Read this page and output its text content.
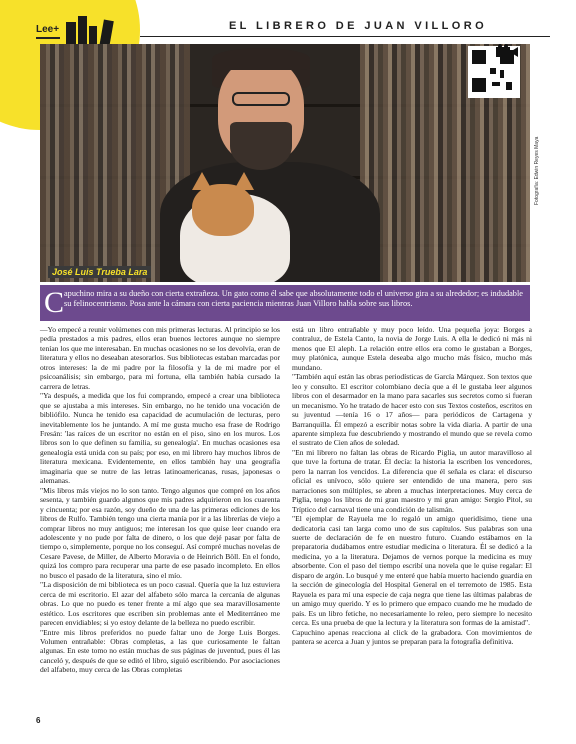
Lee+	EL LIBRERO DE JUAN VILLORO
José Luis Trueba Lara
Fotografía: Edwin Reyes Maya
C apuchino mira a su dueño con cierta extrañeza. Un gato como él sabe que absolutamente todo el universo gira a su alrededor; es indudable su felinocentrismo. Posa ante la cámara con cierta paciencia mientras Juan Villoro habla sobre sus libros.

—Yo empecé a reunir volúmenes con mis primeras lecturas. Al principio se los pedía prestados a mis padres, ellos eran buenos lectores aunque no siempre tenían los que me interesaban. En muchas ocasiones no se los devolvía, eran de literatura y ellos no deseaban atesorarlos. Sus bibliotecas estaban marcadas por otros intereses: la de mi padre por la filosofía y la de mi madre por el psicoanálisis; sin embargo, para mi fortuna, ella también había cursado la carrera de letras.

"Ya después, a medida que los fui comprando, empecé a crear una biblioteca que se ajustaba a mis intereses. Sin embargo, no he tenido una vocación de bibliófilo. Nunca he tenido esa capacidad de acumulación de lecturas, pero inevitablemente los he juntando. A mí me gusta mucho esa frase de Rodrigo Fresán: 'las raíces de un escritor no están en el piso, sino en los muros. Los libros son lo que definen su familia, su genealogía'. En muchas ocasiones esa genealogía está unida con su país; por eso, en mi librero hay muchos libros de literatura mexicana. Evidentemente, en ellos también hay una geografía imaginaria que se nutre de las letras latinoamericanas, rusas, japonesas o alemanas.

"Mis libros más viejos no lo son tanto. Tengo algunos que compré en los años sesenta, y también guardo algunos que mis padres adquirieron en los cuarenta y cincuenta; por esa razón, soy dueño de una de las primeras ediciones de los libros de Rulfo. También tengo una cierta manía por ir a las librerías de viejo a comprar libros no muy antiguos; me interesan los que quise leer cuando era adolescente y no pude por falta de dinero, o los que dejé pasar por falta de tiempo o, simplemente, porque no los conseguí. Así compré muchas novelas de Cesare Pavese, de Miller, de Alberto Moravia o de Heinrich Böll. En el fondo, quizá los compro para recuperar una parte de ese pasado incompleto. En ellos no busco el pasado de la literatura, sino el mío.

"La disposición de mi biblioteca es un poco casual. Quería que la luz estuviera cerca de mi escritorio. El azar del alfabeto sólo marca la cercanía de algunas obras. Lo que no puedo es tener frente a mí algo que sea maravillosamente estético. Los escritores que escriben sin problemas ante el Mediterráneo me parecen envidiables; si yo estoy delante de la belleza no puedo escribir.

"Entre mis libros preferidos no puede faltar uno de Jorge Luis Borges. Volumen entrañable: Obras completas, a las que curiosamente le faltan algunas. En este tomo no están muchas de sus páginas de juventud, pues él las canceló y, después de que se editó el libro, siguió escribiendo. Por asociaciones del alfabeto, muy cerca de las Obras completas

está un libro entrañable y muy poco leído. Una pequeña joya: Borges a contraluz, de Estela Canto, la novia de Jorge Luis. A ella le dedicó ni más ni menos que El aleph. La relación entre ellos era como le gustaban a Borges, muy platónica, aunque Estela deseaba algo mucho más físico, mucho más mundano.

"También aquí están las obras periodísticas de García Márquez. Son textos que leo y consulto. El escritor colombiano decía que a él le gustaba leer algunos libros con el desarmador en la mano para sacarles sus secretos como si fueran un mecanismo. Yo he tratado de hacer esto con sus Textos costeños, escritos en su juventud —tenía 16 o 17 años— para periódicos de Cartagena y Barranquilla. Él empezó a escribir notas sobre la vida diaria. A partir de una aparente simpleza fue descubriendo y mostrando el mundo que se revela como el sustrato de Cien años de soledad.

"En mi librero no faltan las obras de Ricardo Piglia, un autor maravilloso al que tuve la fortuna de tratar. Él decía: la historia la escriben los vencedores, pero la narran los vencidos. La diferencia que él señala es clara: el discurso oficial es unívoco, sólo quiere ser entendido de una manera, pero sus narraciones son múltiples, se abren a muchas interpretaciones. Muy cerca de Piglia, tengo los libros de mi gran maestro y mi gran amigo: Sergio Pitol, su Tríptico del carnaval tiene una condición de talismán.

"El ejemplar de Rayuela me lo regaló un amigo queridísimo, tiene una dedicatoria casi tan larga como uno de sus capítulos. Sus palabras son una suerte de declaración de fe en nuestro futuro. Cuando estábamos en la preparatoria dudábamos entre estudiar medicina o literatura. Él se dedicó a la medicina, yo a la literatura. Dejamos de vernos porque la medicina es muy absorbente. Con el paso del tiempo escribí una novela que le quise regalar: El disparo de argón. Lo busqué y me enteré que había muerto haciendo guardia en la sección de ginecología del Hospital General en el terremoto de 1985. Esta Rayuela es para mí una especie de caja negra que tiene las últimas palabras de un amigo muy querido. Y es lo primero que empaco cuando me he mudado de país. Es un libro fetiche, no necesariamente lo releo, pero siempre lo necesito cerca. Es una prueba de que la lectura y la literatura son formas de la amistad".

Capuchino apenas reacciona al click de la grabadora. Con movimientos de pantera se acerca a Juan y juntos se preparan para la fotografía definitiva.

6
